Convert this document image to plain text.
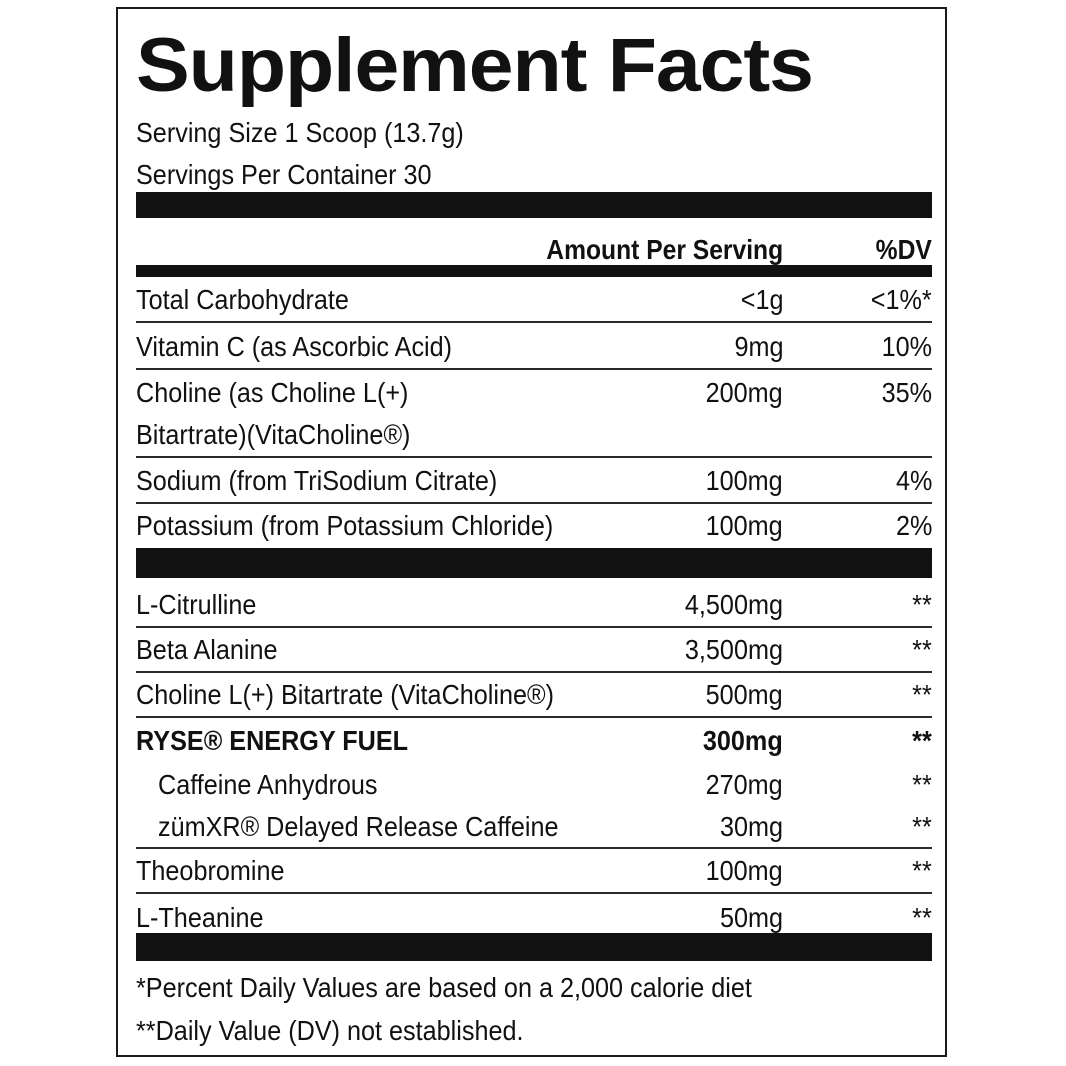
Supplement Facts
Serving Size 1 Scoop (13.7g)
Servings Per Container 30
Amount Per Serving	%DV
Total Carbohydrate	<1g	<1%*
Vitamin C (as Ascorbic Acid)	9mg	10%
Choline (as Choline L(+)	200mg	35%
Bitartrate)(VitaCholine®)
Sodium (from TriSodium Citrate)	100mg	4%
Potassium (from Potassium Chloride)	100mg	2%
L-Citrulline	4,500mg	**
Beta Alanine	3,500mg	**
Choline L(+) Bitartrate (VitaCholine®)	500mg	**
RYSE® ENERGY FUEL	300mg	**
Caffeine Anhydrous	270mg	**
zümXR® Delayed Release Caffeine	30mg	**
Theobromine	100mg	**
L-Theanine	50mg	**
*Percent Daily Values are based on a 2,000 calorie diet
**Daily Value (DV) not established.
